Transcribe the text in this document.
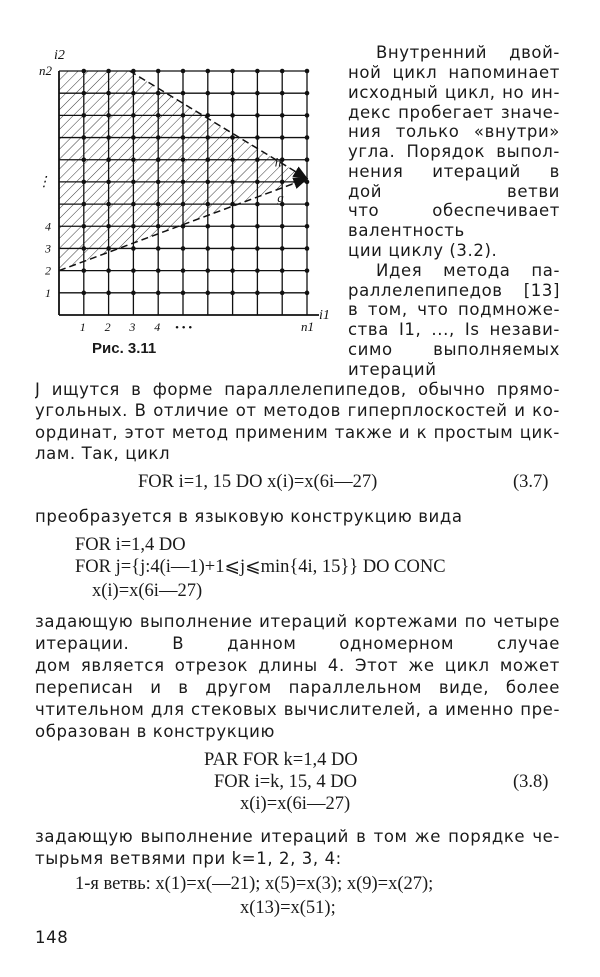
i2
i1
1 2 3 4 • • •	n1
1
2
3
4
⋮
n2
h
g
Рис. 3.11
Внутренний двой-
ной цикл напоминает
исходный цикл, но ин-
декс пробегает значе-
ния только «внутри»
угла. Порядок выпол-
нения итераций в
дой ветви
что обеспечивает
валентность
ции циклу (3.2).
Идея метода па-
раллелепипедов [13]
в том, что подмноже-
ства I1, ..., Is незави-
симо выполняемых
итераций
J ищутся в форме параллелепипедов, обычно прямо-
угольных. В отличие от методов гиперплоскостей и ко-
ординат, этот метод применим также и к простым цик-
лам. Так, цикл
FOR i=1, 15 DO x(i)=x(6i—27)	(3.7)
преобразуется в языковую конструкцию вида
FOR i=1,4 DO
FOR j={j:4(i—1)+1⩽j⩽min{4i, 15}} DO CONC
x(i)=x(6i—27)
задающую выполнение итераций кортежами по четыре
итерации. В данном одномерном случае
дом является отрезок длины 4. Этот же цикл может
переписан и в другом параллельном виде, более
чтительном для стековых вычислителей, а именно пре-
образован в конструкцию
PAR FOR k=1,4 DO
FOR i=k, 15, 4 DO	(3.8)
x(i)=x(6i—27)
задающую выполнение итераций в том же порядке че-
тырьмя ветвями при k=1, 2, 3, 4:
1-я ветвь: x(1)=x(—21); x(5)=x(3); x(9)=x(27);
x(13)=x(51);
148
